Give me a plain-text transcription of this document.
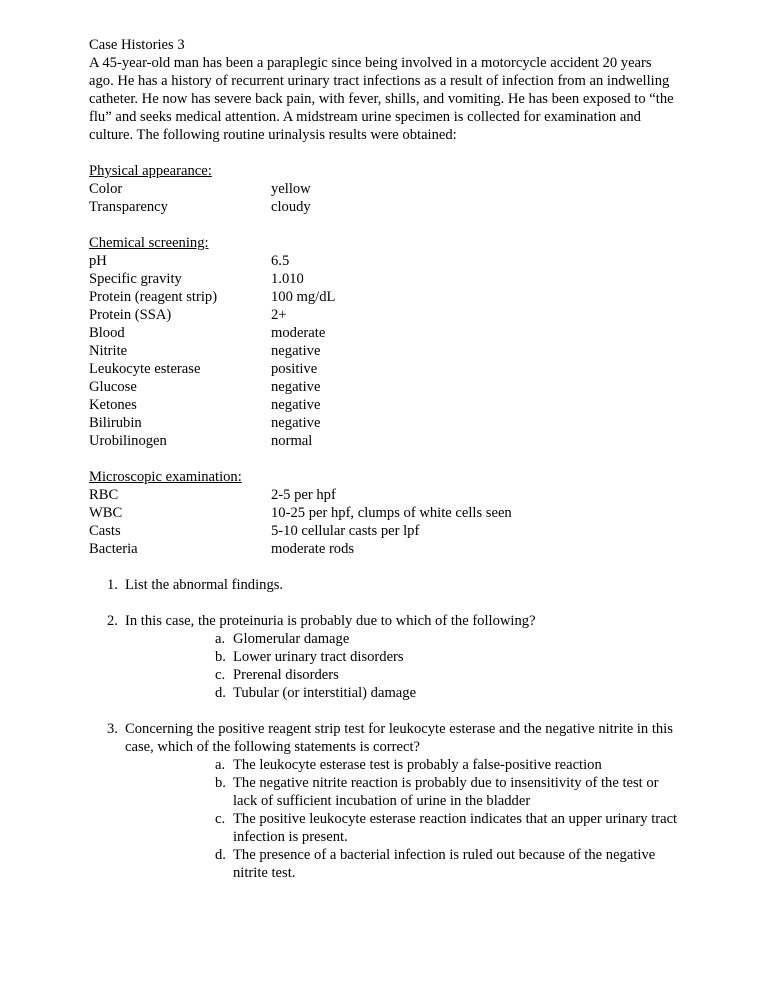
Case Histories 3
A 45-year-old man has been a paraplegic since being involved in a motorcycle accident 20 years ago. He has a history of recurrent urinary tract infections as a result of infection from an indwelling catheter. He now has severe back pain, with fever, shills, and vomiting. He has been exposed to “the flu” and seeks medical attention. A midstream urine specimen is collected for examination and culture. The following routine urinalysis results were obtained:
Physical appearance:
Color	yellow
Transparency	cloudy
Chemical screening:
pH	6.5
Specific gravity	1.010
Protein (reagent strip)	100 mg/dL
Protein (SSA)	2+
Blood	moderate
Nitrite	negative
Leukocyte esterase	positive
Glucose	negative
Ketones	negative
Bilirubin	negative
Urobilinogen	normal
Microscopic examination:
RBC	2-5 per hpf
WBC	10-25 per hpf, clumps of white cells seen
Casts	5-10 cellular casts per lpf
Bacteria	moderate rods
1. List the abnormal findings.
2. In this case, the proteinuria is probably due to which of the following?
a. Glomerular damage
b. Lower urinary tract disorders
c. Prerenal disorders
d. Tubular (or interstitial) damage
3. Concerning the positive reagent strip test for leukocyte esterase and the negative nitrite in this case, which of the following statements is correct?
a. The leukocyte esterase test is probably a false-positive reaction
b. The negative nitrite reaction is probably due to insensitivity of the test or lack of sufficient incubation of urine in the bladder
c. The positive leukocyte esterase reaction indicates that an upper urinary tract infection is present.
d. The presence of a bacterial infection is ruled out because of the negative nitrite test.
